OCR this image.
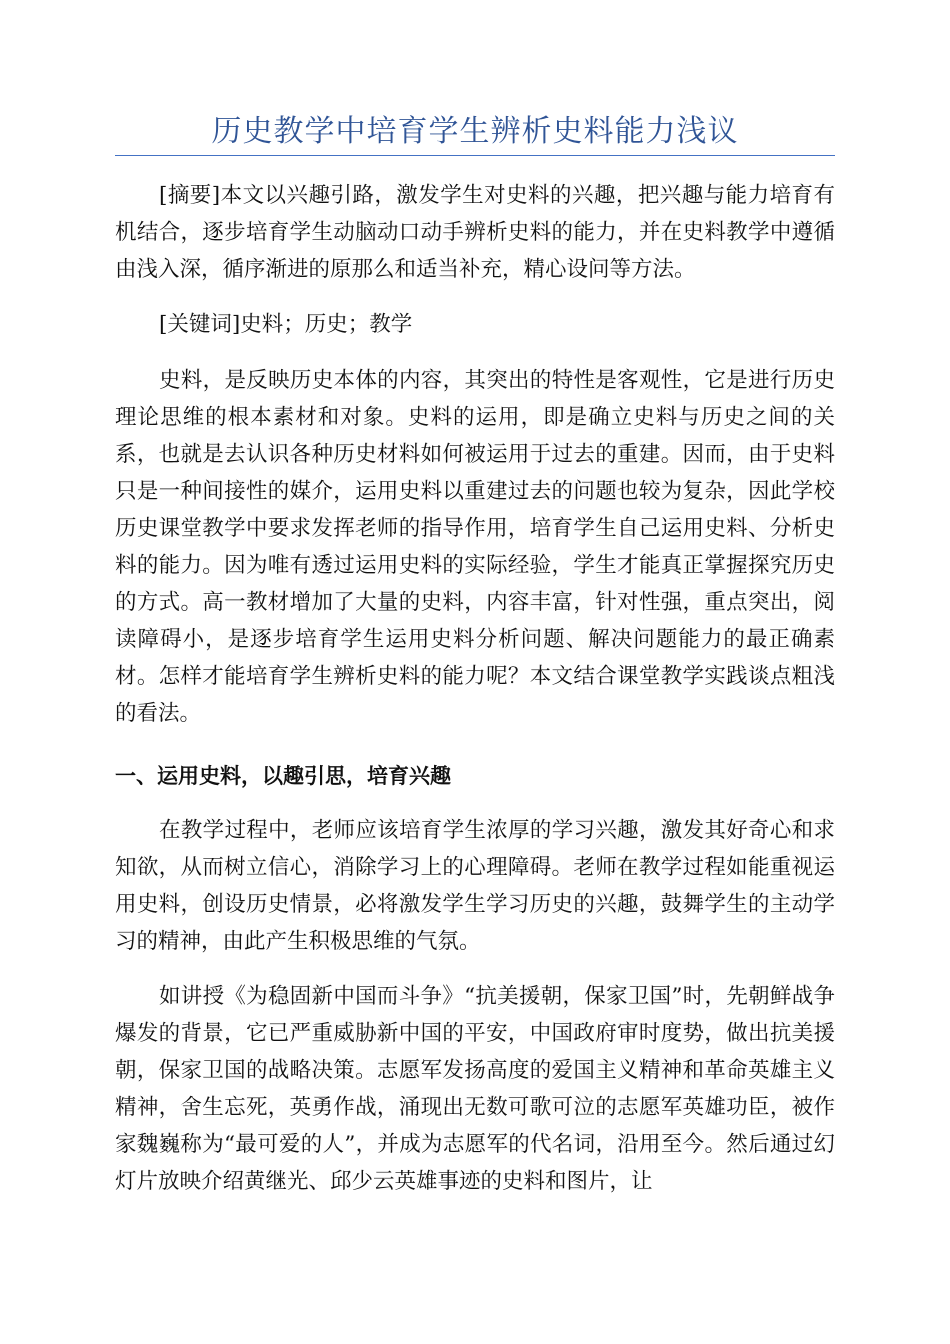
历史教学中培育学生辨析史料能力浅议

[摘要]本文以兴趣引路，激发学生对史料的兴趣，把兴趣与能力培育有机结合，逐步培育学生动脑动口动手辨析史料的能力，并在史料教学中遵循由浅入深，循序渐进的原那么和适当补充，精心设问等方法。

[关键词]史料；历史；教学

史料，是反映历史本体的内容，其突出的特性是客观性，它是进行历史理论思维的根本素材和对象。史料的运用，即是确立史料与历史之间的关系，也就是去认识各种历史材料如何被运用于过去的重建。因而，由于史料只是一种间接性的媒介，运用史料以重建过去的问题也较为复杂，因此学校历史课堂教学中要求发挥老师的指导作用，培育学生自己运用史料、分析史料的能力。因为唯有透过运用史料的实际经验，学生才能真正掌握探究历史的方式。高一教材增加了大量的史料，内容丰富，针对性强，重点突出，阅读障碍小，是逐步培育学生运用史料分析问题、解决问题能力的最正确素材。怎样才能培育学生辨析史料的能力呢？本文结合课堂教学实践谈点粗浅的看法。

一、运用史料，以趣引思，培育兴趣

在教学过程中，老师应该培育学生浓厚的学习兴趣，激发其好奇心和求知欲，从而树立信心，消除学习上的心理障碍。老师在教学过程如能重视运用史料，创设历史情景，必将激发学生学习历史的兴趣，鼓舞学生的主动学习的精神，由此产生积极思维的气氛。

如讲授《为稳固新中国而斗争》“抗美援朝，保家卫国”时，先朝鲜战争爆发的背景，它已严重威胁新中国的平安，中国政府审时度势，做出抗美援朝，保家卫国的战略决策。志愿军发扬高度的爱国主义精神和革命英雄主义精神，舍生忘死，英勇作战，涌现出无数可歌可泣的志愿军英雄功臣，被作家魏巍称为“最可爱的人”，并成为志愿军的代名词，沿用至今。然后通过幻灯片放映介绍黄继光、邱少云英雄事迹的史料和图片，让
